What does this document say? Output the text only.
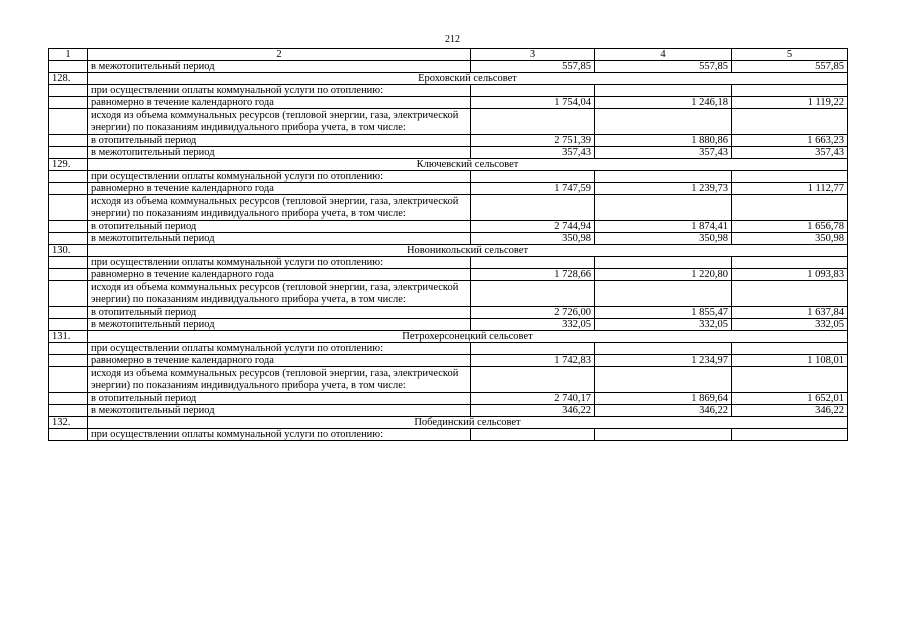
212
1	2	3	4	5
	в межотопительный период	557,85	557,85	557,85
128.	Ероховский сельсовет			
	при осуществлении оплаты коммунальной услуги по отоплению:			
	равномерно в течение календарного года	1 754,04	1 246,18	1 119,22
	исходя из объема коммунальных ресурсов (тепловой энергии, газа, электрической энергии) по показаниям индивидуального прибора учета, в том числе:			
	в отопительный период	2 751,39	1 880,86	1 663,23
	в межотопительный период	357,43	357,43	357,43
129.	Ключевский сельсовет			
	при осуществлении оплаты коммунальной услуги по отоплению:			
	равномерно в течение календарного года	1 747,59	1 239,73	1 112,77
	исходя из объема коммунальных ресурсов (тепловой энергии, газа, электрической энергии) по показаниям индивидуального прибора учета, в том числе:			
	в отопительный период	2 744,94	1 874,41	1 656,78
	в межотопительный период	350,98	350,98	350,98
130.	Новоникольский сельсовет			
	при осуществлении оплаты коммунальной услуги по отоплению:			
	равномерно в течение календарного года	1 728,66	1 220,80	1 093,83
	исходя из объема коммунальных ресурсов (тепловой энергии, газа, электрической энергии) по показаниям индивидуального прибора учета, в том числе:			
	в отопительный период	2 726,00	1 855,47	1 637,84
	в межотопительный период	332,05	332,05	332,05
131.	Петрохерсонецкий сельсовет			
	при осуществлении оплаты коммунальной услуги по отоплению:			
	равномерно в течение календарного года	1 742,83	1 234,97	1 108,01
	исходя из объема коммунальных ресурсов (тепловой энергии, газа, электрической энергии) по показаниям индивидуального прибора учета, в том числе:			
	в отопительный период	2 740,17	1 869,64	1 652,01
	в межотопительный период	346,22	346,22	346,22
132.	Побединский сельсовет			
	при осуществлении оплаты коммунальной услуги по отоплению:			
